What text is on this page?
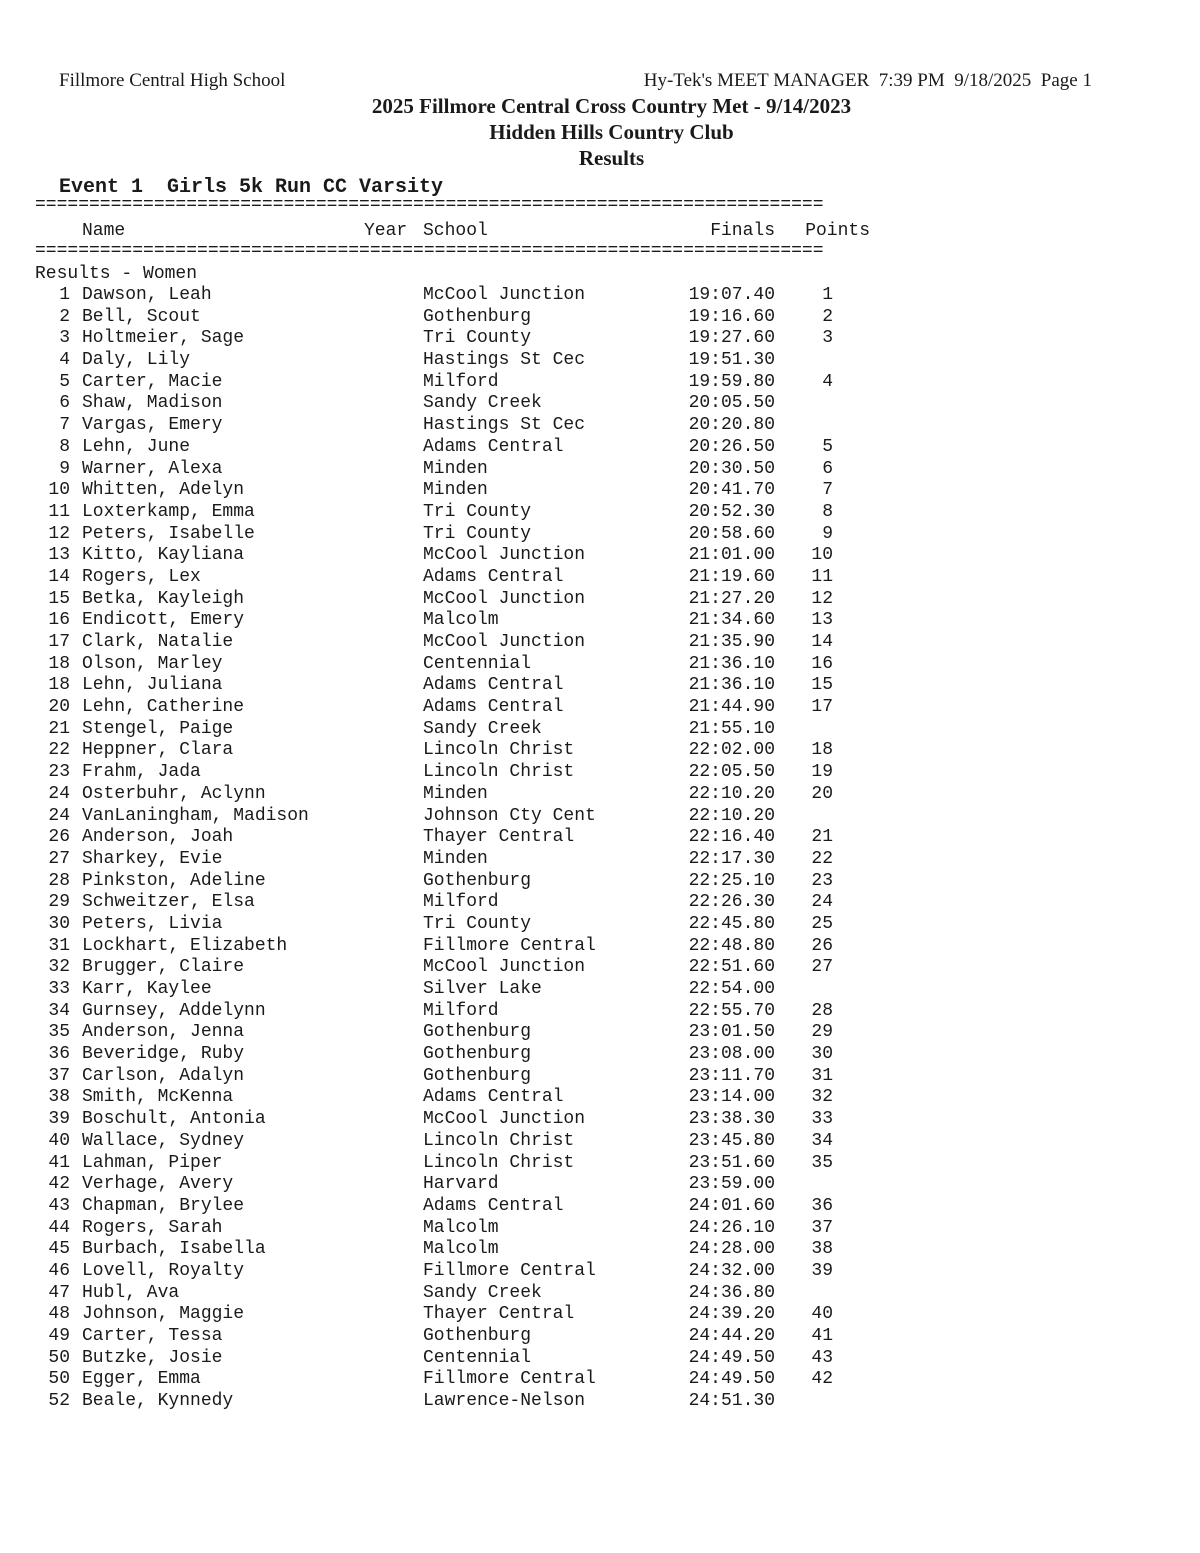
Fillmore Central High School	Hy-Tek's MEET MANAGER  7:39 PM  9/18/2025  Page 1
2025 Fillmore Central Cross Country Met - 9/14/2023
Hidden Hills Country Club
Results
Event 1  Girls 5k Run CC Varsity
=========================================================================
Name	Year School	Finals	Points
=========================================================================
Results - Women
1 Dawson, Leah	McCool Junction	19:07.40	1
2 Bell, Scout	Gothenburg	19:16.60	2
3 Holtmeier, Sage	Tri County	19:27.60	3
4 Daly, Lily	Hastings St Cec	19:51.30
5 Carter, Macie	Milford	19:59.80	4
6 Shaw, Madison	Sandy Creek	20:05.50
7 Vargas, Emery	Hastings St Cec	20:20.80
8 Lehn, June	Adams Central	20:26.50	5
9 Warner, Alexa	Minden	20:30.50	6
10 Whitten, Adelyn	Minden	20:41.70	7
11 Loxterkamp, Emma	Tri County	20:52.30	8
12 Peters, Isabelle	Tri County	20:58.60	9
13 Kitto, Kayliana	McCool Junction	21:01.00	10
14 Rogers, Lex	Adams Central	21:19.60	11
15 Betka, Kayleigh	McCool Junction	21:27.20	12
16 Endicott, Emery	Malcolm	21:34.60	13
17 Clark, Natalie	McCool Junction	21:35.90	14
18 Olson, Marley	Centennial	21:36.10	16
18 Lehn, Juliana	Adams Central	21:36.10	15
20 Lehn, Catherine	Adams Central	21:44.90	17
21 Stengel, Paige	Sandy Creek	21:55.10
22 Heppner, Clara	Lincoln Christ	22:02.00	18
23 Frahm, Jada	Lincoln Christ	22:05.50	19
24 Osterbuhr, Aclynn	Minden	22:10.20	20
24 VanLaningham, Madison	Johnson Cty Cent	22:10.20
26 Anderson, Joah	Thayer Central	22:16.40	21
27 Sharkey, Evie	Minden	22:17.30	22
28 Pinkston, Adeline	Gothenburg	22:25.10	23
29 Schweitzer, Elsa	Milford	22:26.30	24
30 Peters, Livia	Tri County	22:45.80	25
31 Lockhart, Elizabeth	Fillmore Central	22:48.80	26
32 Brugger, Claire	McCool Junction	22:51.60	27
33 Karr, Kaylee	Silver Lake	22:54.00
34 Gurnsey, Addelynn	Milford	22:55.70	28
35 Anderson, Jenna	Gothenburg	23:01.50	29
36 Beveridge, Ruby	Gothenburg	23:08.00	30
37 Carlson, Adalyn	Gothenburg	23:11.70	31
38 Smith, McKenna	Adams Central	23:14.00	32
39 Boschult, Antonia	McCool Junction	23:38.30	33
40 Wallace, Sydney	Lincoln Christ	23:45.80	34
41 Lahman, Piper	Lincoln Christ	23:51.60	35
42 Verhage, Avery	Harvard	23:59.00
43 Chapman, Brylee	Adams Central	24:01.60	36
44 Rogers, Sarah	Malcolm	24:26.10	37
45 Burbach, Isabella	Malcolm	24:28.00	38
46 Lovell, Royalty	Fillmore Central	24:32.00	39
47 Hubl, Ava	Sandy Creek	24:36.80
48 Johnson, Maggie	Thayer Central	24:39.20	40
49 Carter, Tessa	Gothenburg	24:44.20	41
50 Butzke, Josie	Centennial	24:49.50	43
50 Egger, Emma	Fillmore Central	24:49.50	42
52 Beale, Kynnedy	Lawrence-Nelson	24:51.30
